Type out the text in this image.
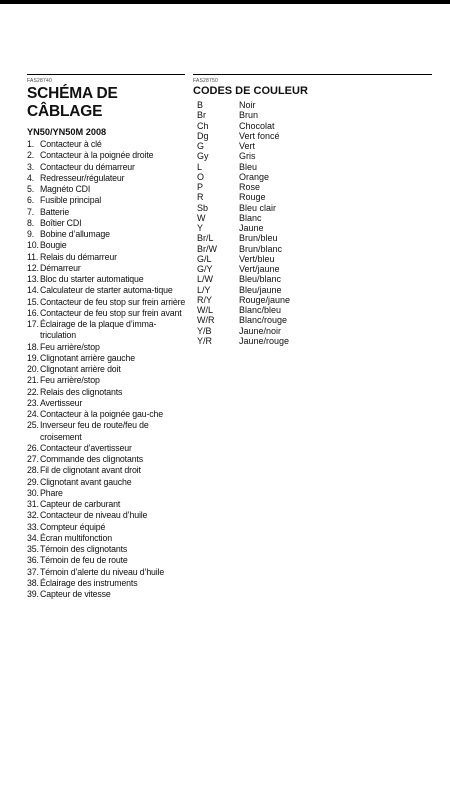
FAS28740
SCHÉMA DE
CÂBLAGE
YN50/YN50M 2008
1. Contacteur à clé
2. Contacteur à la poignée droite
3. Contacteur du démarreur
4. Redresseur/régulateur
5. Magnéto CDI
6. Fusible principal
7. Batterie
8. Boîtier CDI
9. Bobine d’allumage
10. Bougie
11. Relais du démarreur
12. Démarreur
13. Bloc du starter automatique
14. Calculateur de starter automa-tique
15. Contacteur de feu stop sur frein arrière
16. Contacteur de feu stop sur frein avant
17. Éclairage de la plaque d’imma-triculation
18. Feu arrière/stop
19. Clignotant arrière gauche
20. Clignotant arrière doit
21. Feu arrière/stop
22. Relais des clignotants
23. Avertisseur
24. Contacteur à la poignée gau-che
25. Inverseur feu de route/feu de croisement
26. Contacteur d’avertisseur
27. Commande des clignotants
28. Fil de clignotant avant droit
29. Clignotant avant gauche
30. Phare
31. Capteur de carburant
32. Contacteur de niveau d’huile
33. Compteur équipé
34. Écran multifonction
35. Témoin des clignotants
36. Témoin de feu de route
37. Témoin d’alerte du niveau d’huile
38. Éclairage des instruments
39. Capteur de vitesse
FAS28750
CODES DE COULEUR
B	Noir
Br	Brun
Ch	Chocolat
Dg	Vert foncé
G	Vert
Gy	Gris
L	Bleu
O	Orange
P	Rose
R	Rouge
Sb	Bleu clair
W	Blanc
Y	Jaune
Br/L	Brun/bleu
Br/W	Brun/blanc
G/L	Vert/bleu
G/Y	Vert/jaune
L/W	Bleu/blanc
L/Y	Bleu/jaune
R/Y	Rouge/jaune
W/L	Blanc/bleu
W/R	Blanc/rouge
Y/B	Jaune/noir
Y/R	Jaune/rouge
